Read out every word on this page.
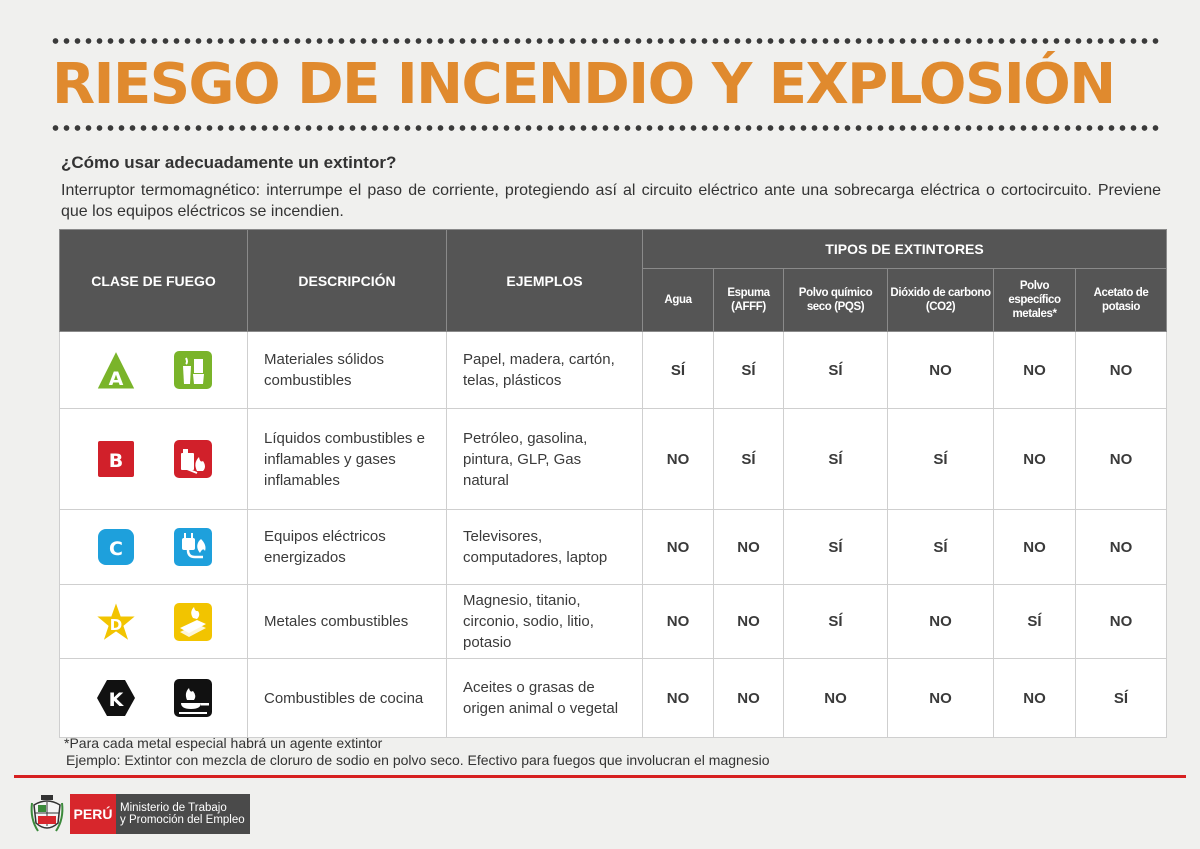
RIESGO DE INCENDIO Y EXPLOSIÓN
¿Cómo usar adecuadamente un extintor?
Interruptor termomagnético: interrumpe el paso de corriente, protegiendo así al circuito eléctrico ante una sobrecarga eléctrica o cortocircuito. Previene que los equipos eléctricos se incendien.
CLASE DE FUEGO	DESCRIPCIÓN	EJEMPLOS	TIPOS DE EXTINTORES					
			Agua	Espuma (AFFF)	Polvo químico seco (PQS)	Dióxido de carbono (CO2)	Polvo específico metales*	Acetato de potasio

A	Materiales sólidos combustibles	Papel, madera, cartón, telas, plásticos	SÍ	SÍ	SÍ	NO	NO	NO

B	Líquidos combustibles e inflamables y gases inflamables	Petróleo, gasolina, pintura, GLP, Gas natural	NO	SÍ	SÍ	SÍ	NO	NO

C	Equipos eléctricos energizados	Televisores, computadores, laptop	NO	NO	SÍ	SÍ	NO	NO

D	Metales combustibles	Magnesio, titanio, circonio, sodio, litio, potasio	NO	NO	SÍ	NO	SÍ	NO

K	Combustibles de cocina	Aceites o grasas de origen animal o vegetal	NO	NO	NO	NO	NO	SÍ
*Para cada metal especial habrá un agente extintor
Ejemplo: Extintor con mezcla de cloruro de sodio en polvo seco. Efectivo para fuegos que involucran el magnesio
PERÚ Ministerio de Trabajo
y Promoción del Empleo
